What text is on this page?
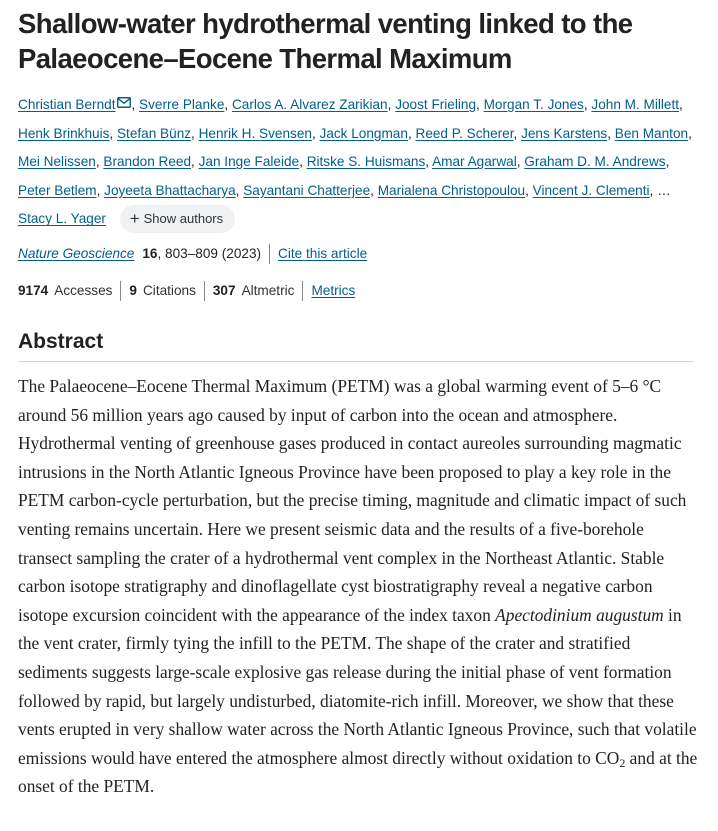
Shallow-water hydrothermal venting linked to the Palaeocene–Eocene Thermal Maximum
Christian Berndt , Sverre Planke, Carlos A. Alvarez Zarikian, Joost Frieling, Morgan T. Jones, John M. Millett, Henk Brinkhuis, Stefan Bünz, Henrik H. Svensen, Jack Longman, Reed P. Scherer, Jens Karstens, Ben Manton, Mei Nelissen, Brandon Reed, Jan Inge Faleide, Ritske S. Huismans, Amar Agarwal, Graham D. M. Andrews, Peter Betlem, Joyeeta Bhattacharya, Sayantani Chatterjee, Marialena Christopoulou, Vincent J. Clementi, … Stacy L. Yager + Show authors
Nature Geoscience 16 , 803–809 (2023) Cite this article
9174 Accesses 9 Citations 307 Altmetric Metrics
Abstract

The Palaeocene–Eocene Thermal Maximum (PETM) was a global warming event of 5–6 °C around 56 million years ago caused by input of carbon into the ocean and atmosphere. Hydrothermal venting of greenhouse gases produced in contact aureoles surrounding magmatic intrusions in the North Atlantic Igneous Province have been proposed to play a key role in the PETM carbon-cycle perturbation, but the precise timing, magnitude and climatic impact of such venting remains uncertain. Here we present seismic data and the results of a five-borehole transect sampling the crater of a hydrothermal vent complex in the Northeast Atlantic. Stable carbon isotope stratigraphy and dinoflagellate cyst biostratigraphy reveal a negative carbon isotope excursion coincident with the appearance of the index taxon Apectodinium augustum in the vent crater, firmly tying the infill to the PETM. The shape of the crater and stratified sediments suggests large-scale explosive gas release during the initial phase of vent formation followed by rapid, but largely undisturbed, diatomite-rich infill. Moreover, we show that these vents erupted in very shallow water across the North Atlantic Igneous Province, such that volatile emissions would have entered the atmosphere almost directly without oxidation to $CO_2$ and at the onset of the PETM.
